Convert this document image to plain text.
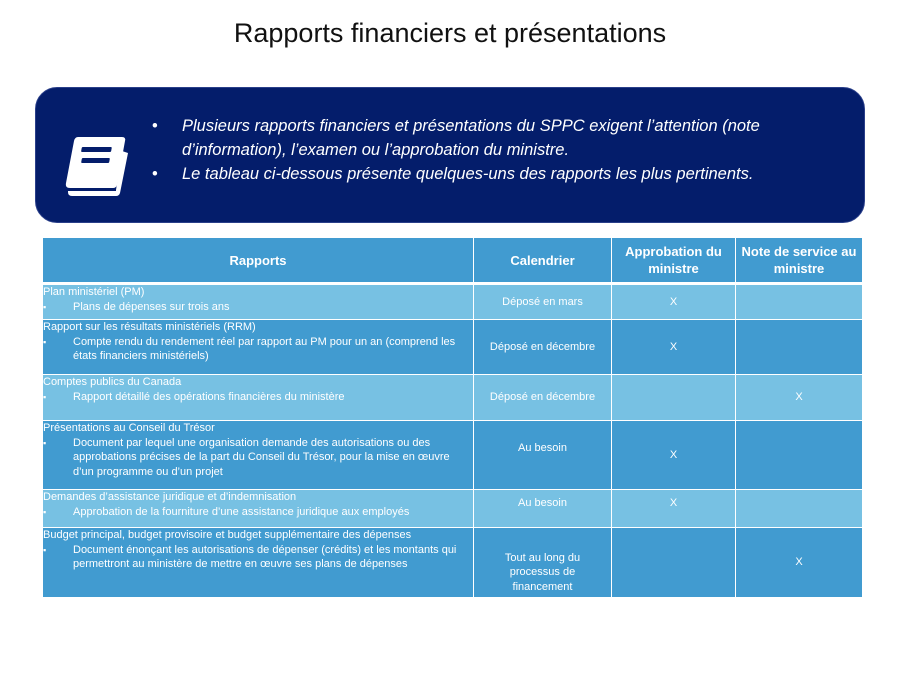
Rapports financiers et présentations
• Plusieurs rapports financiers et présentations du SPPC exigent l’attention (note d’information), l’examen ou l’approbation du ministre.
• Le tableau ci-dessous présente quelques-uns des rapports les plus pertinents.
Rapports	Calendrier	Approbation du ministre	Note de service au ministre

Plan ministériel (PM)
▪ Plans de dépenses sur trois ans	Déposé en mars	X	

Rapport sur les résultats ministériels (RRM)
▪ Compte rendu du rendement réel par rapport au PM pour un an (comprend les états financiers ministériels)	Déposé en décembre	X	

Comptes publics du Canada
▪ Rapport détaillé des opérations financières du ministère	Déposé en décembre		X

Présentations au Conseil du Trésor
▪ Document par lequel une organisation demande des autorisations ou des approbations précises de la part du Conseil du Trésor, pour la mise en œuvre d’un programme ou d’un projet	Au besoin	X	

Demandes d’assistance juridique et d’indemnisation
▪ Approbation de la fourniture d’une assistance juridique aux employés	Au besoin	X	

Budget principal, budget provisoire et budget supplémentaire des dépenses
▪ Document énonçant les autorisations de dépenser (crédits) et les montants qui permettront au ministère de mettre en œuvre ses plans de dépenses	Tout au long du processus de financement		X
